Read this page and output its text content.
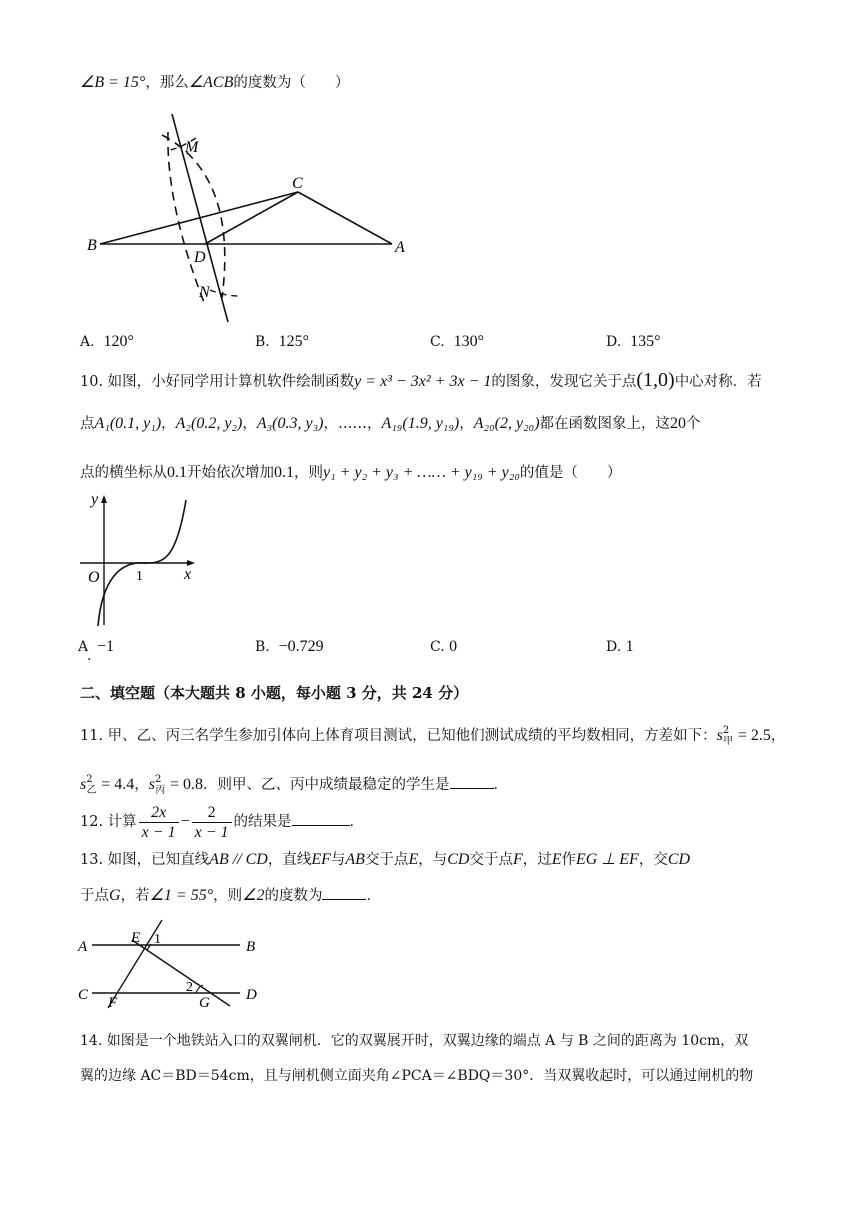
∠B = 15°，那么∠ACB的度数为（　　）
M
C
B	A
D
N
A. 120°	B. 125°	C. 130°	D. 135°
10. 如图，小好同学用计算机软件绘制函数y = x³ − 3x² + 3x − 1的图象，发现它关于点(1,0)中心对称．若
点A₁(0.1, y₁)，A₂(0.2, y₂)，A₃(0.3, y₃)，……，A₁₉(1.9, y₁₉)，A₂₀(2, y₂₀)都在函数图象上，这20个
点的横坐标从0.1开始依次增加0.1，则y₁ + y₂ + y₃ + …… + y₁₉ + y₂₀的值是（　　）
y
x
O	1
A −1
.
B. −0.729	C. 0	D. 1
二、填空题（本大题共 8 小题，每小题 3 分，共 24 分）
11. 甲、乙、丙三名学生参加引体向上体育项目测试，已知他们测试成绩的平均数相同，方差如下：$s^2_甲 = 2.5$，
$s^2_乙 = 4.4$，$s^2_丙 = 0.8$．则甲、乙、丙中成绩最稳定的学生是	．
12. 计算 $\frac{2x}{x - 1} - \frac{2}{x - 1}$ 的结果是	．
13. 如图，已知直线AB // CD，直线EF与AB交于点E，与CD交于点F，过E作EG ⊥ EF，交CD
于点G，若∠1 = 55°，则∠2的度数为	．
A
E 1	B
C F
2
G D
14. 如图是一个地铁站入口的双翼闸机．它的双翼展开时，双翼边缘的端点 A 与 B 之间的距离为 10cm，双
翼的边缘 AC＝BD＝54cm，且与闸机侧立面夹角∠PCA＝∠BDQ＝30°．当双翼收起时，可以通过闸机的物
